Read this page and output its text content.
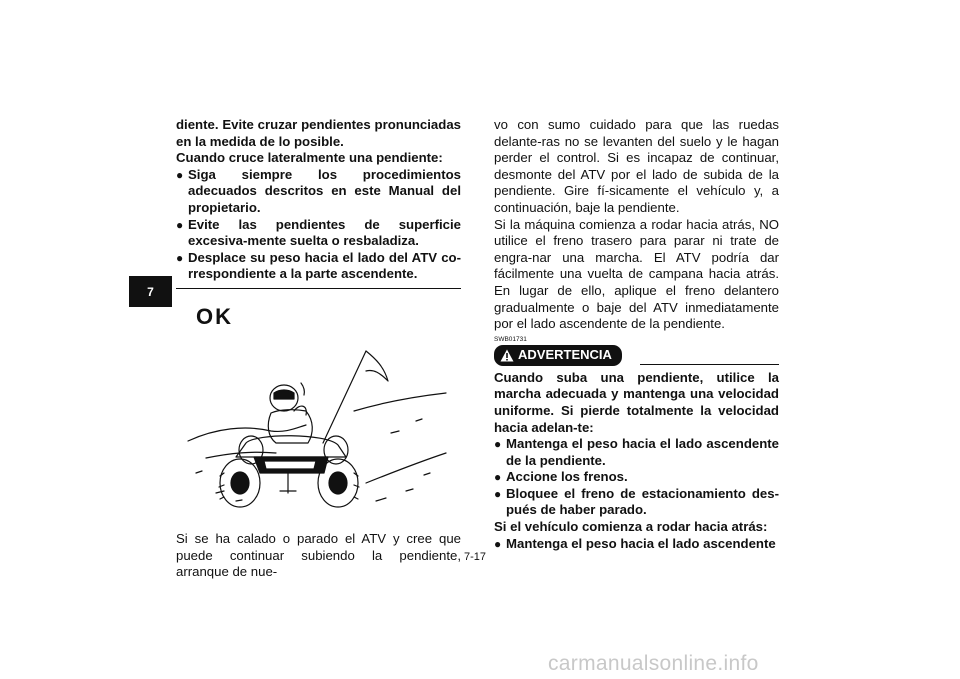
7

diente. Evite cruzar pendientes pronunciadas en la medida de lo posible.

Cuando cruce lateralmente una pendiente:

● Siga siempre los procedimientos adecuados descritos en este Manual del propietario.
● Evite las pendientes de superficie excesiva-mente suelta o resbaladiza.
● Desplace su peso hacia el lado del ATV co-rrespondiente a la parte ascendente.
OK

Si se ha calado o parado el ATV y cree que puede continuar subiendo la pendiente, arranque de nue-

vo con sumo cuidado para que las ruedas delante-ras no se levanten del suelo y le hagan perder el control. Si es incapaz de continuar, desmonte del ATV por el lado de subida de la pendiente. Gire fí-sicamente el vehículo y, a continuación, baje la pendiente.

Si la máquina comienza a rodar hacia atrás, NO utilice el freno trasero para parar ni trate de engra-nar una marcha. El ATV podría dar fácilmente una vuelta de campana hacia atrás. En lugar de ello, aplique el freno delantero gradualmente o baje del ATV inmediatamente por el lado ascendente de la pendiente.

SWB01731
ADVERTENCIA

Cuando suba una pendiente, utilice la marcha adecuada y mantenga una velocidad uniforme. Si pierde totalmente la velocidad hacia adelan-te:

● Mantenga el peso hacia el lado ascendente de la pendiente.
● Accione los frenos.
● Bloquee el freno de estacionamiento des-pués de haber parado.

Si el vehículo comienza a rodar hacia atrás:

● Mantenga el peso hacia el lado ascendente
7-17
carmanualsonline.info
